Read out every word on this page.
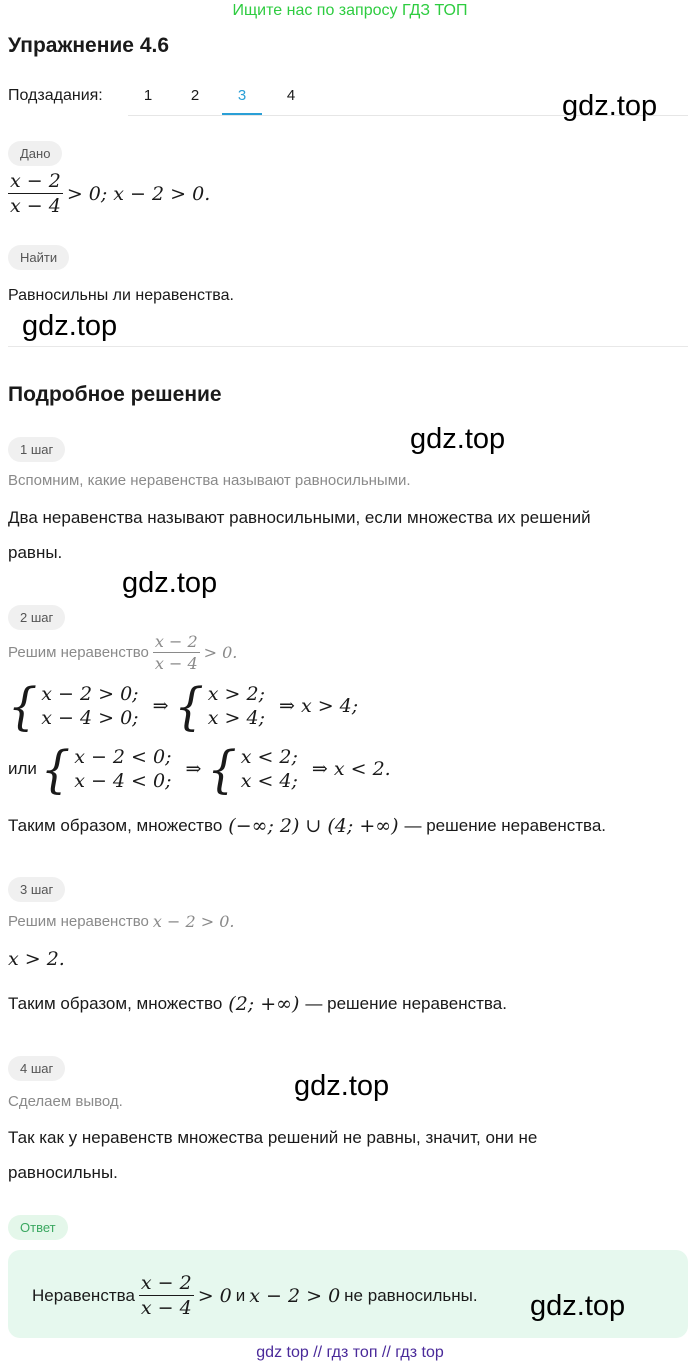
Ищите нас по запросу ГДЗ ТОП
Упражнение 4.6
Подзадания:	1	2	3	4	gdz.top
Дано
$\frac{x - 2}{x - 4} > 0$; x − 2 > 0.
Найти
Равносильны ли неравенства.
gdz.top
Подробное решение
1 шаг	gdz.top
Вспомним, какие неравенства называют равносильными.
Два неравенства называют равносильными, если множества их решений
равны.
gdz.top
2 шаг
Решим неравенство $\frac{x - 2}{x - 4} > 0$.
{ x − 2 > 0;
x − 4 > 0;
⇒ { x > 2;
x > 4;
⇒ x > 4;
или { x − 2 < 0;
x − 4 < 0;
⇒ { x < 2;
x < 4;
⇒ x < 2.
Таким образом, множество (−∞; 2) ∪ (4; +∞) — решение неравенства.
3 шаг
Решим неравенство x − 2 > 0.
x > 2.
Таким образом, множество (2; +∞) — решение неравенства.
4 шаг
gdz.top
Сделаем вывод.
Так как у неравенств множества решений не равны, значит, они не
равносильны.
Ответ
Неравенства $\frac{x - 2}{x - 4} > 0$ и x − 2 > 0 не равносильны. gdz.top
gdz top // гдз топ // гдз top
